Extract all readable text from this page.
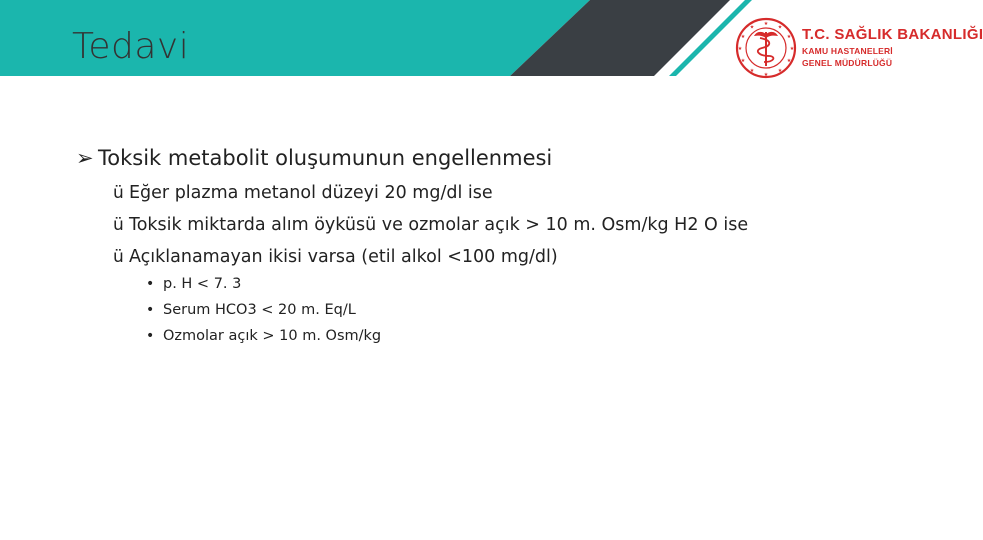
Tedavi
★
★
★
★
★
★
★
★
★
★
★
★	T.C. SAĞLIK BAKANLIĞI
KAMU HASTANELERİ
GENEL MÜDÜRLÜĞÜ
➢ Toksik metabolit oluşumunun engellenmesi
ü Eğer plazma metanol düzeyi 20 mg/dl ise
ü Toksik miktarda alım öyküsü ve ozmolar açık > 10 m. Osm/kg H2 O ise
ü Açıklanamayan ikisi varsa (etil alkol <100 mg/dl)
• p. H < 7. 3
• Serum HCO3 < 20 m. Eq/L
• Ozmolar açık > 10 m. Osm/kg
